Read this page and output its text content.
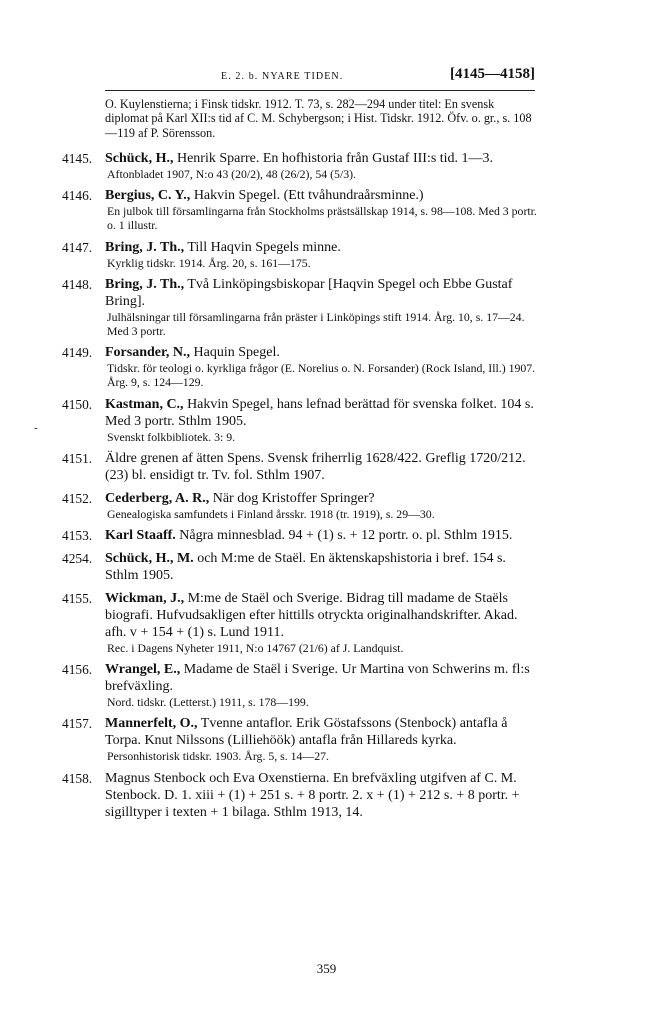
E. 2. b. NYARE TIDEN.	[4145—4158]
O. Kuylenstierna; i Finsk tidskr. 1912. T. 73, s. 282—294 under titel: En svensk diplomat på Karl XII:s tid af C. M. Schybergson; i Hist. Tidskr. 1912. Öfv. o. gr., s. 108—119 af P. Sörensson.
-
4145. Schück, H., Henrik Sparre. En hofhistoria från Gustaf III:s tid. 1—3.
Aftonbladet 1907, N:o 43 (20/2), 48 (26/2), 54 (5/3).
4146. Bergius, C. Y., Hakvin Spegel. (Ett tvåhundraårsminne.)
En julbok till församlingarna från Stockholms prästsällskap 1914, s. 98—108. Med 3 portr. o. 1 illustr.
4147. Bring, J. Th., Till Haqvin Spegels minne.
Kyrklig tidskr. 1914. Årg. 20, s. 161—175.
4148. Bring, J. Th., Två Linköpingsbiskopar [Haqvin Spegel och Ebbe Gustaf Bring].
Julhälsningar till församlingarna från präster i Linköpings stift 1914. Årg. 10, s. 17—24. Med 3 portr.
4149. Forsander, N., Haquin Spegel.
Tidskr. för teologi o. kyrkliga frågor (E. Norelius o. N. Forsander) (Rock Island, Ill.) 1907. Årg. 9, s. 124—129.
4150. Kastman, C., Hakvin Spegel, hans lefnad berättad för svenska folket. 104 s. Med 3 portr. Sthlm 1905.
Svenskt folkbibliotek. 3: 9.
4151. Äldre grenen af ätten Spens. Svensk friherrlig 1628/422. Greflig 1720/212. (23) bl. ensidigt tr. Tv. fol. Sthlm 1907.
4152. Cederberg, A. R., När dog Kristoffer Springer?
Genealogiska samfundets i Finland årsskr. 1918 (tr. 1919), s. 29—30.
4153. Karl Staaff. Några minnesblad. 94 + (1) s. + 12 portr. o. pl. Sthlm 1915.
4254. Schück, H., M. och M:me de Staël. En äktenskapshistoria i bref. 154 s. Sthlm 1905.
4155. Wickman, J., M:me de Staël och Sverige. Bidrag till madame de Staëls biografi. Hufvudsakligen efter hittills otryckta originalhandskrifter. Akad. afh. v + 154 + (1) s. Lund 1911.
Rec. i Dagens Nyheter 1911, N:o 14767 (21/6) af J. Landquist.
4156. Wrangel, E., Madame de Staël i Sverige. Ur Martina von Schwerins m. fl:s brefväxling.
Nord. tidskr. (Letterst.) 1911, s. 178—199.
4157. Mannerfelt, O., Tvenne antaflor. Erik Göstafssons (Stenbock) antafla å Torpa. Knut Nilssons (Lilliehöök) antafla från Hillareds kyrka.
Personhistorisk tidskr. 1903. Årg. 5, s. 14—27.
4158. Magnus Stenbock och Eva Oxenstierna. En brefväxling utgifven af C. M. Stenbock. D. 1. xiii + (1) + 251 s. + 8 portr. 2. x + (1) + 212 s. + 8 portr. + sigilltyper i texten + 1 bilaga. Sthlm 1913, 14.
359
